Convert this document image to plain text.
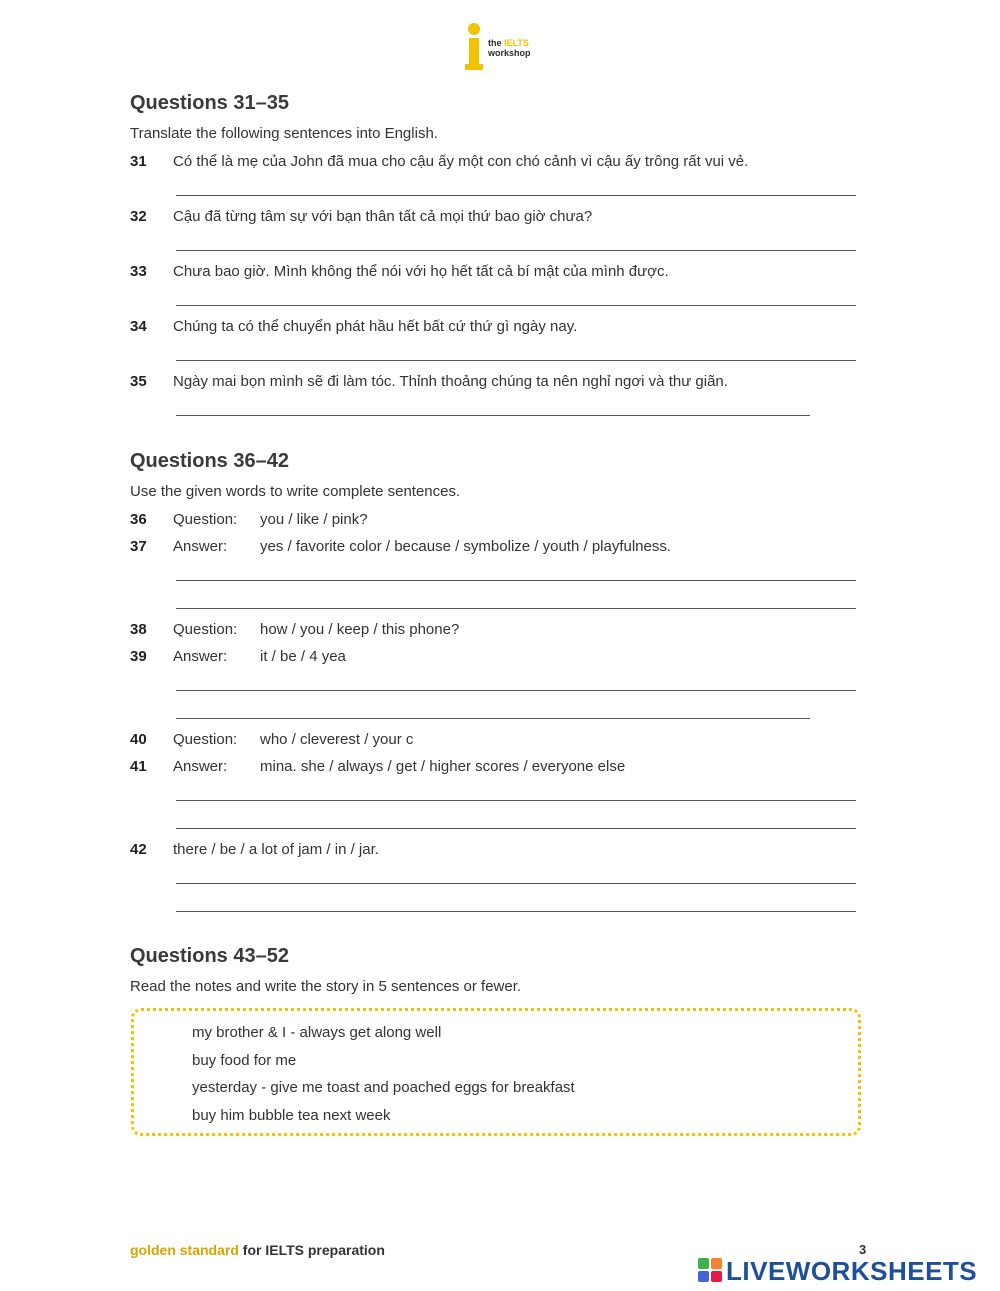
the IELTS
workshop
Questions 31–35
Translate the following sentences into English.
31 Có thể là mẹ của John đã mua cho cậu ấy một con chó cảnh vì cậu ấy trông rất vui vẻ.
32 Cậu đã từng tâm sự với bạn thân tất cả mọi thứ bao giờ chưa?
33 Chưa bao giờ. Mình không thể nói với họ hết tất cả bí mật của mình được.
34 Chúng ta có thể chuyển phát hầu hết bất cứ thứ gì ngày nay.
35 Ngày mai bọn mình sẽ đi làm tóc. Thỉnh thoảng chúng ta nên nghỉ ngơi và thư giãn.
Questions 36–42
Use the given words to write complete sentences.
36 Question: you / like / pink?
37 Answer: yes / favorite color / because / symbolize / youth / playfulness.
38 Question: how / you / keep / this phone?
39 Answer: it / be / 4 yea
40 Question: who / cleverest / your c
41 Answer: mina. she / always / get / higher scores / everyone else
42 there / be / a lot of jam / in / jar.
Questions 43–52
Read the notes and write the story in 5 sentences or fewer.
my brother & I - always get along well
buy food for me
yesterday - give me toast and poached eggs for breakfast
buy him bubble tea next week
golden standard for IELTS preparation	3
LIVEWORKSHEETS
